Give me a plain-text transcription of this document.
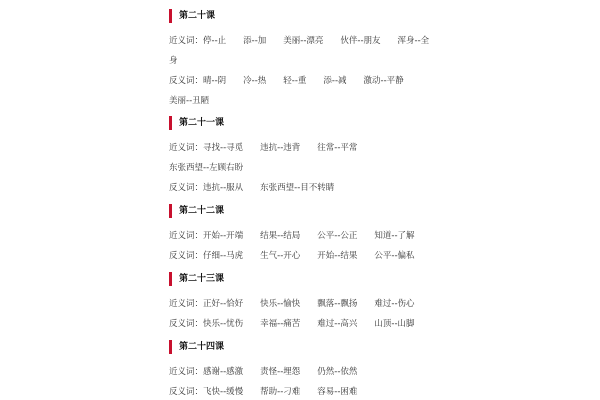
第二十课
近义词：停--止　　添--加　　美丽--漂亮　　伙伴--朋友　　浑身--全
身
反义词：晴--阴　　冷--热　　轻--重　　添--减　　激动--平静
美丽--丑陋
第二十一课
近义词：寻找--寻觅　　违抗--违背　　往常--平常
东张西望--左顾右盼
反义词：违抗--服从　　东张西望--目不转睛
第二十二课
近义词：开始--开端　　结果--结局　　公平--公正　　知道--了解
反义词：仔细--马虎　　生气--开心　　开始--结果　　公平--偏私
第二十三课
近义词：正好--恰好　　快乐--愉快　　飘落--飘扬　　难过--伤心
反义词：快乐--忧伤　　幸福--痛苦　　难过--高兴　　山顶--山脚
第二十四课
近义词：感谢--感激　　责怪--埋怨　　仍然--依然
反义词：飞快--缓慢　　帮助--刁难　　容易--困难
